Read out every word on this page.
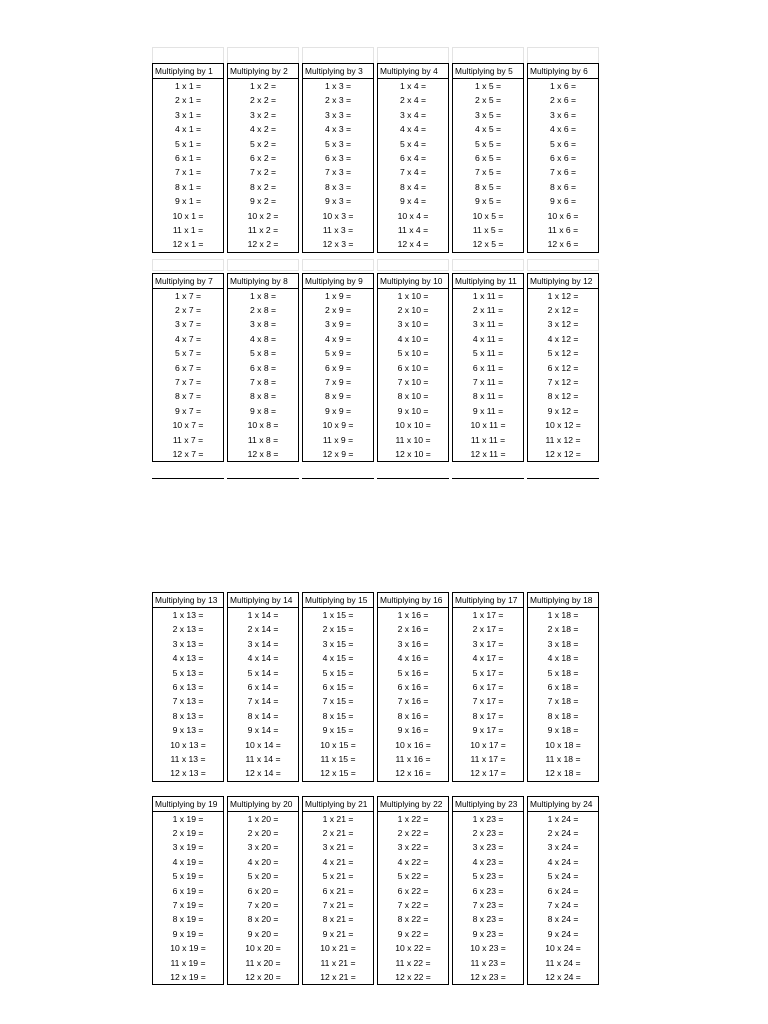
Multiplying by 1
1 x 1 =
2 x 1 =
3 x 1 =
4 x 1 =
5 x 1 =
6 x 1 =
7 x 1 =
8 x 1 =
9 x 1 =
10 x 1 =
11 x 1 =
12 x 1 =
Multiplying by 2
1 x 2 =
2 x 2 =
3 x 2 =
4 x 2 =
5 x 2 =
6 x 2 =
7 x 2 =
8 x 2 =
9 x 2 =
10 x 2 =
11 x 2 =
12 x 2 =
Multiplying by 3
1 x 3 =
2 x 3 =
3 x 3 =
4 x 3 =
5 x 3 =
6 x 3 =
7 x 3 =
8 x 3 =
9 x 3 =
10 x 3 =
11 x 3 =
12 x 3 =
Multiplying by 4
1 x 4 =
2 x 4 =
3 x 4 =
4 x 4 =
5 x 4 =
6 x 4 =
7 x 4 =
8 x 4 =
9 x 4 =
10 x 4 =
11 x 4 =
12 x 4 =
Multiplying by 5
1 x 5 =
2 x 5 =
3 x 5 =
4 x 5 =
5 x 5 =
6 x 5 =
7 x 5 =
8 x 5 =
9 x 5 =
10 x 5 =
11 x 5 =
12 x 5 =
Multiplying by 6
1 x 6 =
2 x 6 =
3 x 6 =
4 x 6 =
5 x 6 =
6 x 6 =
7 x 6 =
8 x 6 =
9 x 6 =
10 x 6 =
11 x 6 =
12 x 6 =
Multiplying by 7
1 x 7 =
2 x 7 =
3 x 7 =
4 x 7 =
5 x 7 =
6 x 7 =
7 x 7 =
8 x 7 =
9 x 7 =
10 x 7 =
11 x 7 =
12 x 7 =
Multiplying by 8
1 x 8 =
2 x 8 =
3 x 8 =
4 x 8 =
5 x 8 =
6 x 8 =
7 x 8 =
8 x 8 =
9 x 8 =
10 x 8 =
11 x 8 =
12 x 8 =
Multiplying by 9
1 x 9 =
2 x 9 =
3 x 9 =
4 x 9 =
5 x 9 =
6 x 9 =
7 x 9 =
8 x 9 =
9 x 9 =
10 x 9 =
11 x 9 =
12 x 9 =
Multiplying by 10
1 x 10 =
2 x 10 =
3 x 10 =
4 x 10 =
5 x 10 =
6 x 10 =
7 x 10 =
8 x 10 =
9 x 10 =
10 x 10 =
11 x 10 =
12 x 10 =
Multiplying by 11
1 x 11 =
2 x 11 =
3 x 11 =
4 x 11 =
5 x 11 =
6 x 11 =
7 x 11 =
8 x 11 =
9 x 11 =
10 x 11 =
11 x 11 =
12 x 11 =
Multiplying by 12
1 x 12 =
2 x 12 =
3 x 12 =
4 x 12 =
5 x 12 =
6 x 12 =
7 x 12 =
8 x 12 =
9 x 12 =
10 x 12 =
11 x 12 =
12 x 12 =
Multiplying by 13
1 x 13 =
2 x 13 =
3 x 13 =
4 x 13 =
5 x 13 =
6 x 13 =
7 x 13 =
8 x 13 =
9 x 13 =
10 x 13 =
11 x 13 =
12 x 13 =
Multiplying by 14
1 x 14 =
2 x 14 =
3 x 14 =
4 x 14 =
5 x 14 =
6 x 14 =
7 x 14 =
8 x 14 =
9 x 14 =
10 x 14 =
11 x 14 =
12 x 14 =
Multiplying by 15
1 x 15 =
2 x 15 =
3 x 15 =
4 x 15 =
5 x 15 =
6 x 15 =
7 x 15 =
8 x 15 =
9 x 15 =
10 x 15 =
11 x 15 =
12 x 15 =
Multiplying by 16
1 x 16 =
2 x 16 =
3 x 16 =
4 x 16 =
5 x 16 =
6 x 16 =
7 x 16 =
8 x 16 =
9 x 16 =
10 x 16 =
11 x 16 =
12 x 16 =
Multiplying by 17
1 x 17 =
2 x 17 =
3 x 17 =
4 x 17 =
5 x 17 =
6 x 17 =
7 x 17 =
8 x 17 =
9 x 17 =
10 x 17 =
11 x 17 =
12 x 17 =
Multiplying by 18
1 x 18 =
2 x 18 =
3 x 18 =
4 x 18 =
5 x 18 =
6 x 18 =
7 x 18 =
8 x 18 =
9 x 18 =
10 x 18 =
11 x 18 =
12 x 18 =
Multiplying by 19
1 x 19 =
2 x 19 =
3 x 19 =
4 x 19 =
5 x 19 =
6 x 19 =
7 x 19 =
8 x 19 =
9 x 19 =
10 x 19 =
11 x 19 =
12 x 19 =
Multiplying by 20
1 x 20 =
2 x 20 =
3 x 20 =
4 x 20 =
5 x 20 =
6 x 20 =
7 x 20 =
8 x 20 =
9 x 20 =
10 x 20 =
11 x 20 =
12 x 20 =
Multiplying by 21
1 x 21 =
2 x 21 =
3 x 21 =
4 x 21 =
5 x 21 =
6 x 21 =
7 x 21 =
8 x 21 =
9 x 21 =
10 x 21 =
11 x 21 =
12 x 21 =
Multiplying by 22
1 x 22 =
2 x 22 =
3 x 22 =
4 x 22 =
5 x 22 =
6 x 22 =
7 x 22 =
8 x 22 =
9 x 22 =
10 x 22 =
11 x 22 =
12 x 22 =
Multiplying by 23
1 x 23 =
2 x 23 =
3 x 23 =
4 x 23 =
5 x 23 =
6 x 23 =
7 x 23 =
8 x 23 =
9 x 23 =
10 x 23 =
11 x 23 =
12 x 23 =
Multiplying by 24
1 x 24 =
2 x 24 =
3 x 24 =
4 x 24 =
5 x 24 =
6 x 24 =
7 x 24 =
8 x 24 =
9 x 24 =
10 x 24 =
11 x 24 =
12 x 24 =
